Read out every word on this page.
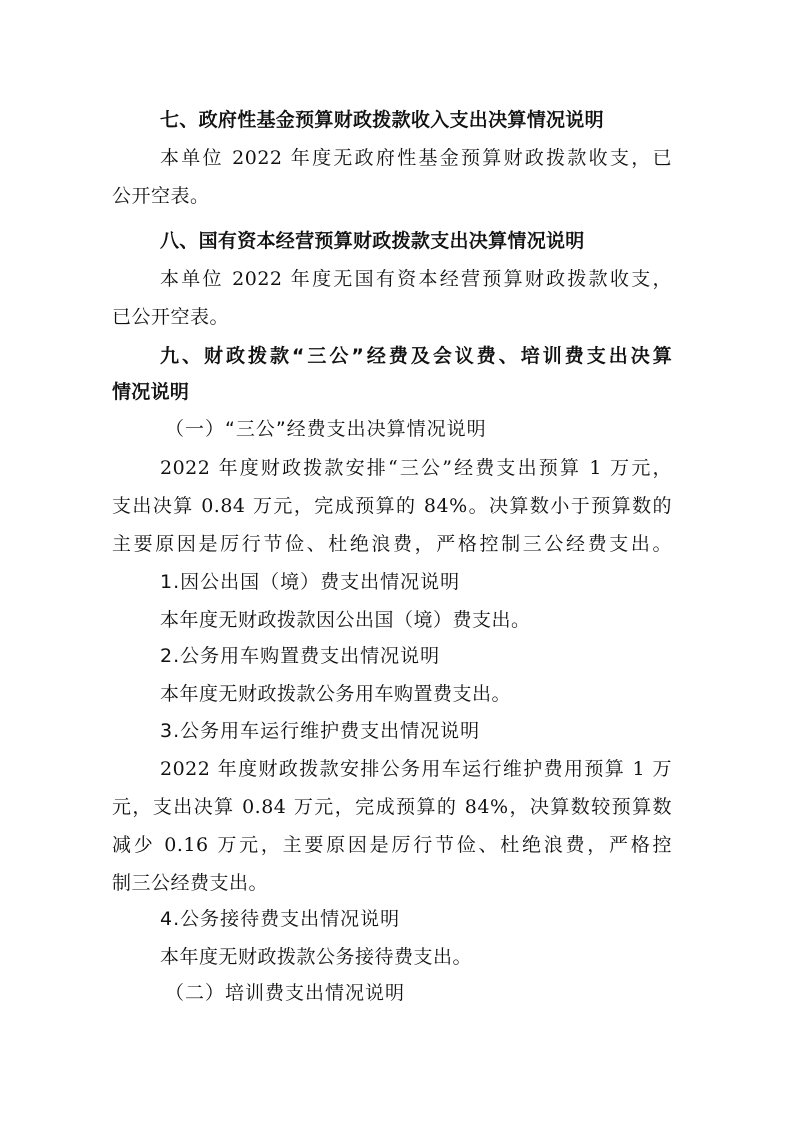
七、政府性基金预算财政拨款收入支出决算情况说明
本单位 2022 年度无政府性基金预算财政拨款收支，已
公开空表。
八、国有资本经营预算财政拨款支出决算情况说明
本单位 2022 年度无国有资本经营预算财政拨款收支，
已公开空表。
九、财政拨款“三公”经费及会议费、培训费支出决算
情况说明
（一）“三公”经费支出决算情况说明
2022 年度财政拨款安排“三公”经费支出预算 1 万元，
支出决算 0.84 万元，完成预算的 84%。决算数小于预算数的
主要原因是厉行节俭、杜绝浪费，严格控制三公经费支出。
1.因公出国（境）费支出情况说明
本年度无财政拨款因公出国（境）费支出。
2.公务用车购置费支出情况说明
本年度无财政拨款公务用车购置费支出。
3.公务用车运行维护费支出情况说明
2022 年度财政拨款安排公务用车运行维护费用预算 1 万
元，支出决算 0.84 万元，完成预算的 84%，决算数较预算数
减少 0.16 万元，主要原因是厉行节俭、杜绝浪费，严格控
制三公经费支出。
4.公务接待费支出情况说明
本年度无财政拨款公务接待费支出。
（二）培训费支出情况说明
